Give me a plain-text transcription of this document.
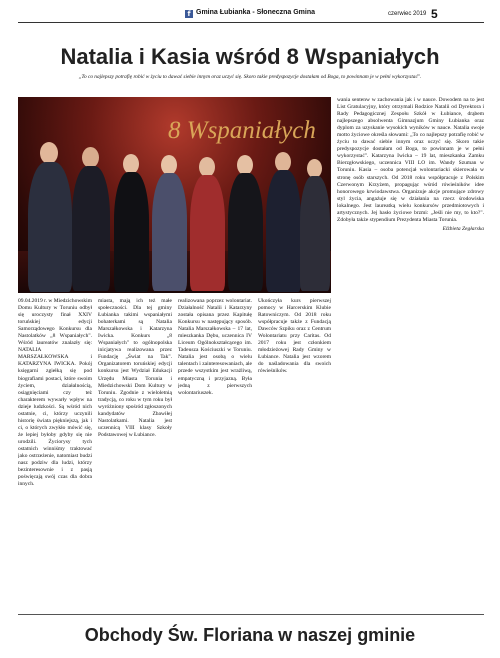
f Gmina Łubianka - Słoneczna Gmina	czerwiec 2019 5
Natalia i Kasia wśród 8 Wspaniałych
„To co najlepszy potrafię robić w życiu to dawać siebie innym oraz uczyć się. Skoro takie predyspozycje dostałam od Boga, to powinnam je w pełni wykorzystać".
8 Wspaniałych

09.04.2019 r. w Miedzichowskim Domu Kultury w Toruniu odbył się uroczysty finał XXIV toruńskiej edycji Samorządowego Konkursu dla Nastolatków „8 Wspaniałych". Wśród laureatów znalazły się: NATALIA MARSZAŁKOWSKA i KATARZYNA IWICKA. Pokój księgarni zgiełką się pod biografiami postaci, które swoim życiem, działalnością, osiągnięciami czy też charakterem wywarły wpływ na dzieje ludzkości. Są wśród nich ostatnie, ci, którzy uczynili historię świata piękniejszą, jak i ci, o których zwykło mówić się, że lepiej byłoby gdyby się nie urodzili. Życiorysy tych ostatnich winniśmy traktować jako ostrzeżenie, natomiast budzi nasz podziw dla ludzi, którzy bezinteresownie i z pasją poświęcają swój czas dla dobra innych.

miasta, mają ich też małe społeczności. Dla tej gminy Łubianka takimi wspaniałymi bohaterkami są Natalia Marszałkowska i Katarzyna Iwicka. Konkurs „8 Wspaniałych" to ogólnopolska inicjatywa realizowana przez Fundację „Świat na Tak". Organizatorem toruńskiej edycji konkursu jest Wydział Edukacji Urzędu Miasta Torunia i Miedzichowski Dom Kultury w Toruniu. Zgodnie z wieloletnią tradycją, co roku w tym roku był wyróżniony spośród zgłoszonych kandydatów Zbawiłej Nastolatkami. Natalia jest uczennicą VIII klasy Szkoły Podstawowej w Łubiance.

realizowana poprzez wolontariat. Działalność Natalii i Katarzyny została opisana przez Kapitułę Konkursu w następujący sposób. Natalia Marszałkowska – 17 lat, mieszkanka Dębu, uczennica IV Liceum Ogólnokształcącego im. Tadeusza Kościuszki w Toruniu. Natalia jest osobą o wielu talentach i zainteresowaniach, ale przede wszystkim jest wrażliwą, empatyczną i przyjazną. Była jedną z pierwszych wolontariuszek.

Ukończyła kurs pierwszej pomocy w Harcerskim Klubie Ratowniczym. Od 2018 roku współpracuje także z Fundacją Dawców Szpiku oraz z Centrum Wolontariatu przy Caritas. Od 2017 roku jest członkiem młodzieżowej Rady Gminy w Łubiance. Natalia jest wzorem do naśladowania dla swoich rówieśników.

wania sentenw w zachowania jak i w nauce. Dowodem na to jest List Gratulacyjny, który otrzymali Rodzice Natalii od Dyrektora i Rady Pedagogicznej Zespołu Szkół w Łubiance, drąbem najlepszego absolwenta Gimnazjum Gminy Łubianka oraz dyplom za uzyskanie wysokich wyników w nauce. Natalia swoje motto życiowe określa słowami: „To co najlepszy potrafię robić w życiu to dawać siebie innym oraz uczyć się. Skoro takie predyspozycje dostałam od Boga, to powinnam je w pełni wykorzystać". Katarzyna Iwicka – 19 lat, mieszkanka Zamku Bierzgłowskiego, uczennica VIII LO im. Wandy Szuman w Toruniu. Kasia – osoba potencjał wolontariacki skierowała w stronę osób starszych. Od 2018 roku współpracuje z Polskim Czerwonym Krzyżem, propagując wśród rówieśników idee honorowego krwiodawstwa. Organizuje akcje promujące zdrowy styl życia, angażuje się w działania na rzecz środowiska lokalnego. Jest laureatką wielu konkursów przedmiotowych i artystycznych. Jej hasło życiowe brzmi: „Jeśli nie my, to kto?". Zdobyła także stypendium Prezydenta Miasta Torunia.

Elżbieta Zegłarska

Obchody Św. Floriana w naszej gminie
